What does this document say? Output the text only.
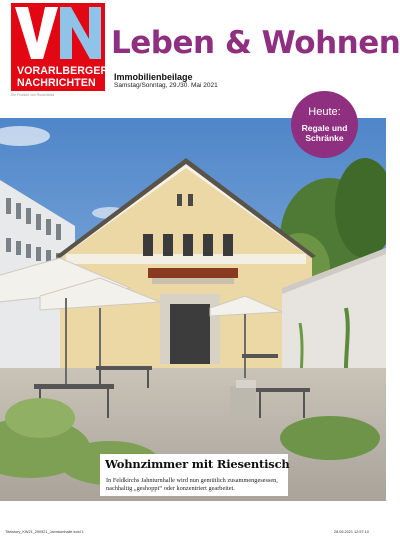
VORARLBERGER
NACHRICHTEN
Ein Produkt von Russmedia
Leben & Wohnen
Immobilienbeilage
Samstag/Sonntag, 29./30. Mai 2021
Heute:
Regale und
Schränke
Wohnzimmer mit Riesentisch
In Feldkirchs Jahnturnhalle wird nun gemütlich zusammengesessen,
nachhaltig „geshoppt“ oder konzentriert gearbeitet.
Titelstory_KW21_290521_Jahnturnhalle.indd 1	28.05.2021 12:57:10
